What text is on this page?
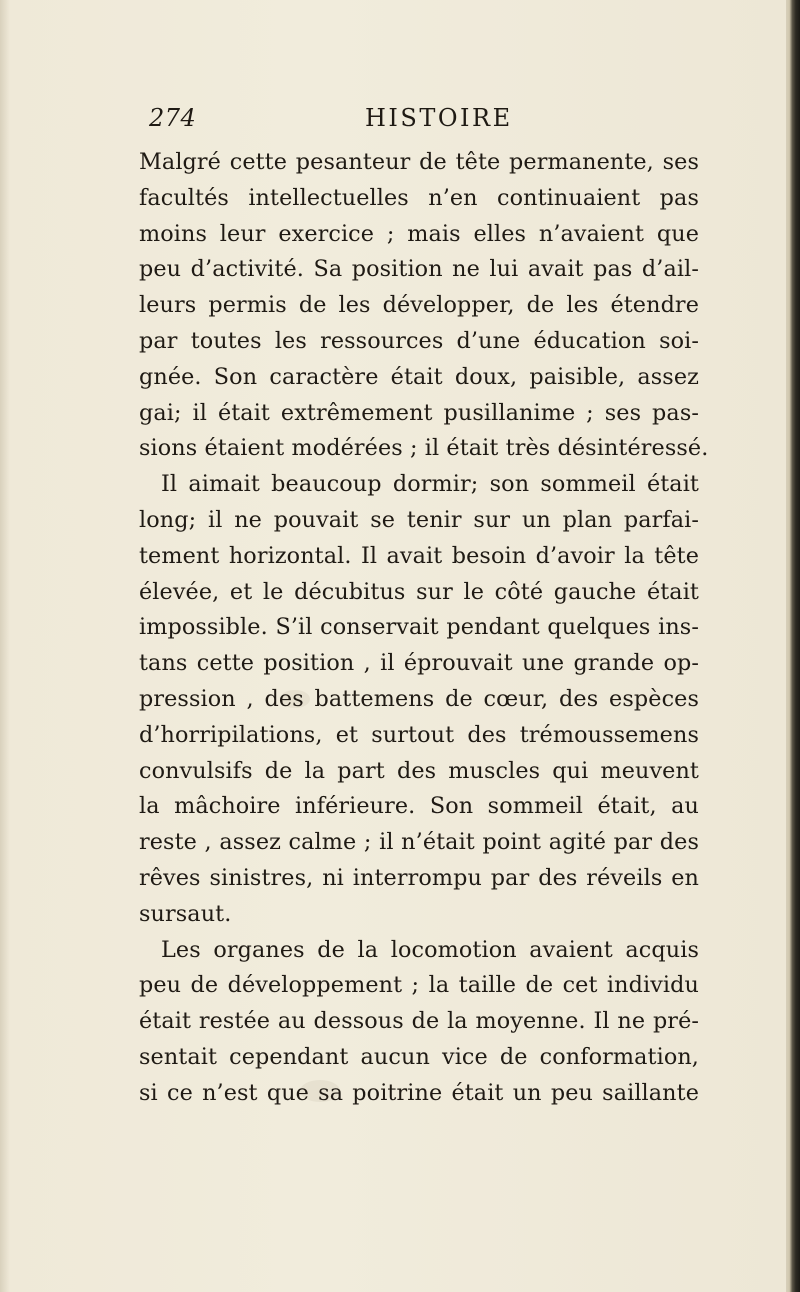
274	HISTOIRE
Malgré cette pesanteur de tête permanente, ses
facultés intellectuelles n’en continuaient pas
moins leur exercice ; mais elles n’avaient que
peu d’activité. Sa position ne lui avait pas d’ail-
leurs permis de les développer, de les étendre
par toutes les ressources d’une éducation soi-
gnée. Son caractère était doux, paisible, assez
gai; il était extrêmement pusillanime ; ses pas-
sions étaient modérées ; il était très désintéressé.
Il aimait beaucoup dormir; son sommeil était
long; il ne pouvait se tenir sur un plan parfai-
tement horizontal. Il avait besoin d’avoir la tête
élevée, et le décubitus sur le côté gauche était
impossible. S’il conservait pendant quelques ins-
tans cette position , il éprouvait une grande op-
pression , des battemens de cœur, des espèces
d’horripilations, et surtout des trémoussemens
convulsifs de la part des muscles qui meuvent
la mâchoire inférieure. Son sommeil était, au
reste , assez calme ; il n’était point agité par des
rêves sinistres, ni interrompu par des réveils en
sursaut.
Les organes de la locomotion avaient acquis
peu de développement ; la taille de cet individu
était restée au dessous de la moyenne. Il ne pré-
sentait cependant aucun vice de conformation,
si ce n’est que sa poitrine était un peu saillante
